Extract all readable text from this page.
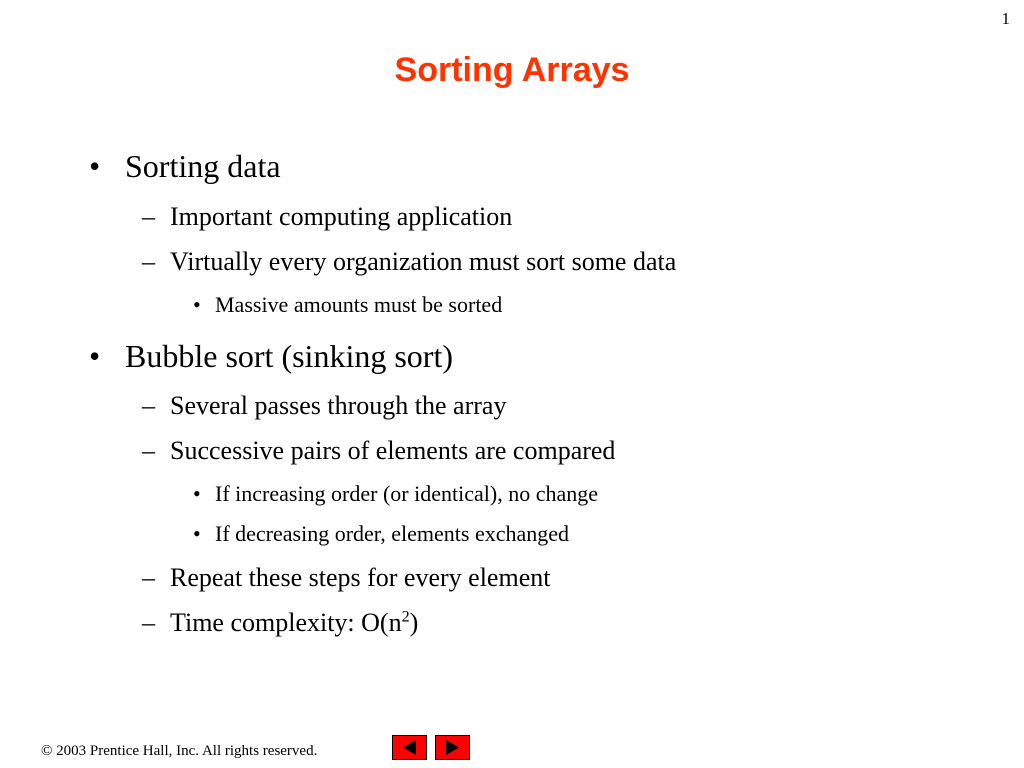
1
Sorting Arrays
• Sorting data
– Important computing application
– Virtually every organization must sort some data
• Massive amounts must be sorted
• Bubble sort (sinking sort)
– Several passes through the array
– Successive pairs of elements are compared
• If increasing order (or identical), no change
• If decreasing order, elements exchanged
– Repeat these steps for every element
– Time complexity: $O(n^2)$
© 2003 Prentice Hall, Inc. All rights reserved.
